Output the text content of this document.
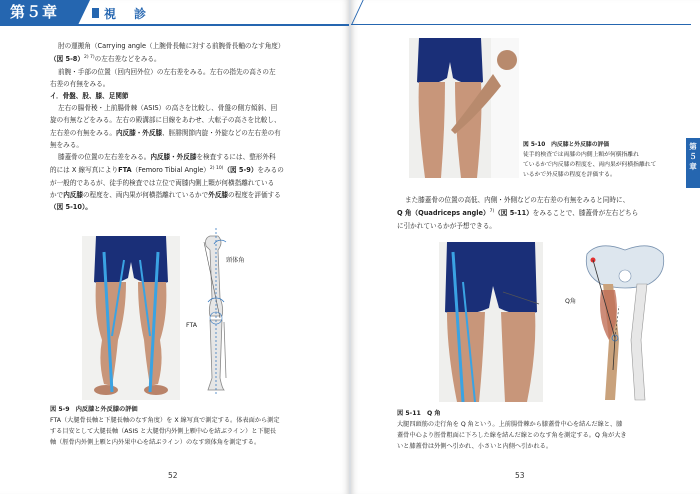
第５章	視　診

肘の運搬角（Carrying angle（上腕骨長軸に対する前腕骨長軸のなす角度）

（図 5-8）$^{2) 7)}$の左右差などをみる。

前腕・手部の位置（回内回外位）の左右差をみる。左右の指先の高さの左

右差の有無をみる。

イ．骨盤、股、膝、足関節

左右の腸骨稜・上前腸骨棘（ASIS）の高さを比較し、骨盤の側方傾斜、回

旋の有無などをみる。左右の殿溝部に目線をあわせ、大転子の高さを比較し、

左右差の有無をみる。内反膝・外反膝、脛腓関節内旋・外旋などの左右差の有

無をみる。

膝蓋骨の位置の左右差をみる。内反膝・外反膝を検査するには、整形外科

的には X 線写真によりFTA（Femoro Tibial Angle）$^{2) 10)}$（図 5-9）をみるの

が一般的であるが、徒手的検査では立位で両膝内側上顆が何横指離れている

かで内反膝の程度を、両内果が何横指離れているかで外反膝の程度を評価する

（図 5-10）。

頸体角
FTA
図 5-9　内反膝と外反膝の評価
FTA（大腿骨長軸と下腿長軸のなす角度）を X 線写真で測定する。体表面から測定
する目安として大腿長軸（ASIS と大腿骨内外側上顆中心を結ぶライン）と下腿長
軸（脛骨内外側上顆と内外果中心を結ぶライン）のなす頸体角を測定する。
52
図 5-10　内反膝と外反膝の評価
徒手的検査では両膝の内側上顆が何横指離れ
ているかで内反膝の程度を、両内果が何横指離れて
いるかで外反膝の程度を評価する。
第５章

また膝蓋骨の位置の高低、内側・外側などの左右差の有無をみると同時に、

Q 角（Quadriceps angle）$^{7)}$（図 5-11）をみることで、膝蓋骨が左右どちら

に引かれているかが予想できる。

Q角
図 5-11　Q 角
大腿四頭筋の走行角を Q 角という。上前腸骨棘から膝蓋骨中心を結んだ線と、膝
蓋骨中心より脛骨粗面に下ろした線を結んだ線とのなす角を測定する。Q 角が大き
いと膝蓋骨は外側へ引かれ、小さいと内側へ引かれる。
53
